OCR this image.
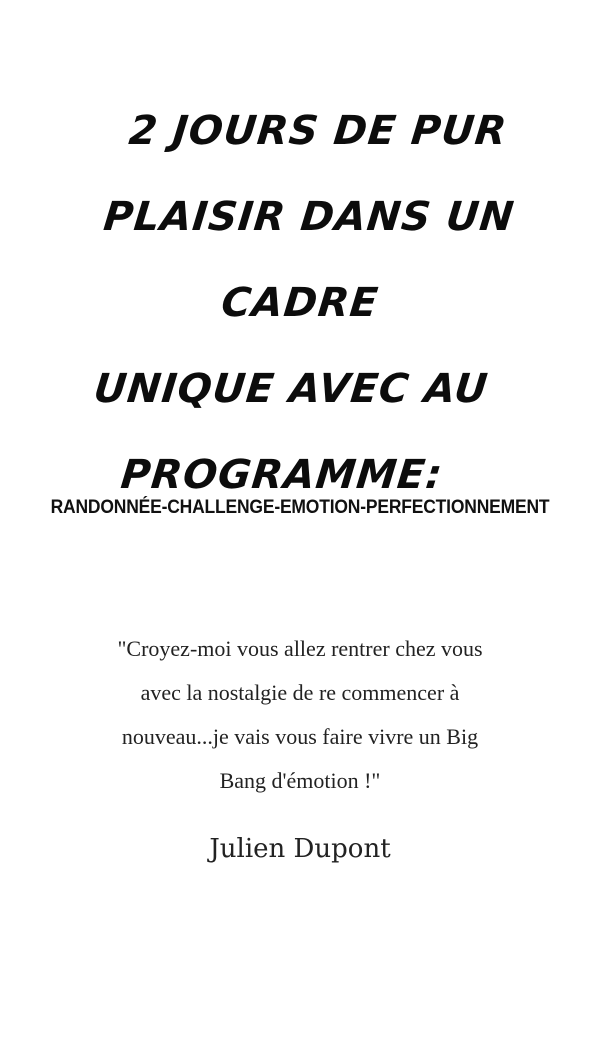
2 JOURS DE PUR
PLAISIR DANS UN CADRE
UNIQUE AVEC AU
PROGRAMME:

RANDONNÉE-CHALLENGE-EMOTION-PERFECTIONNEMENT

"Croyez-moi vous allez rentrer chez vous
avec la nostalgie de re commencer à
nouveau...je vais vous faire vivre un Big
Bang d'émotion !"

Julien Dupont
